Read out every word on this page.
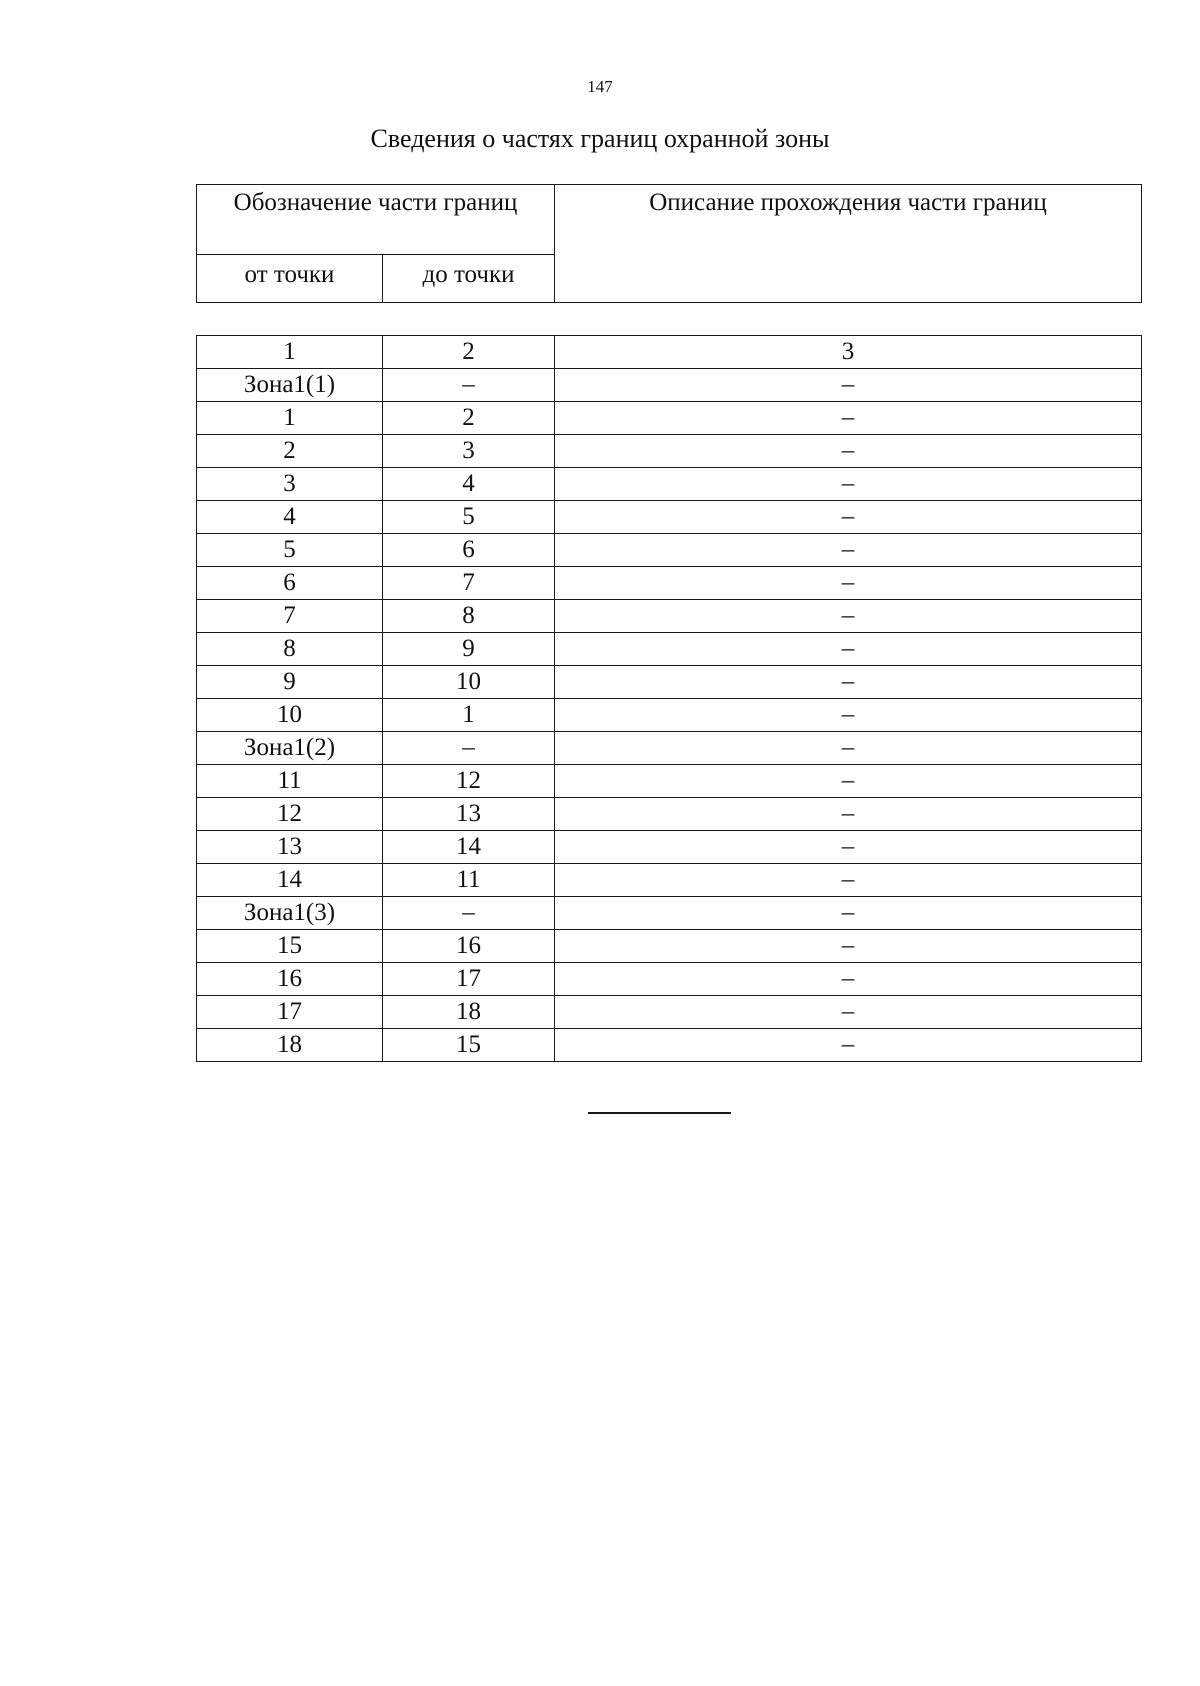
147
Сведения о частях границ охранной зоны
Обозначение части границ		Описание прохождения части границ
от точки	до точки	

1	2	3
Зона1(1)	–	–
1	2	–
2	3	–
3	4	–
4	5	–
5	6	–
6	7	–
7	8	–
8	9	–
9	10	–
10	1	–
Зона1(2)	–	–
11	12	–
12	13	–
13	14	–
14	11	–
Зона1(3)	–	–
15	16	–
16	17	–
17	18	–
18	15	–
